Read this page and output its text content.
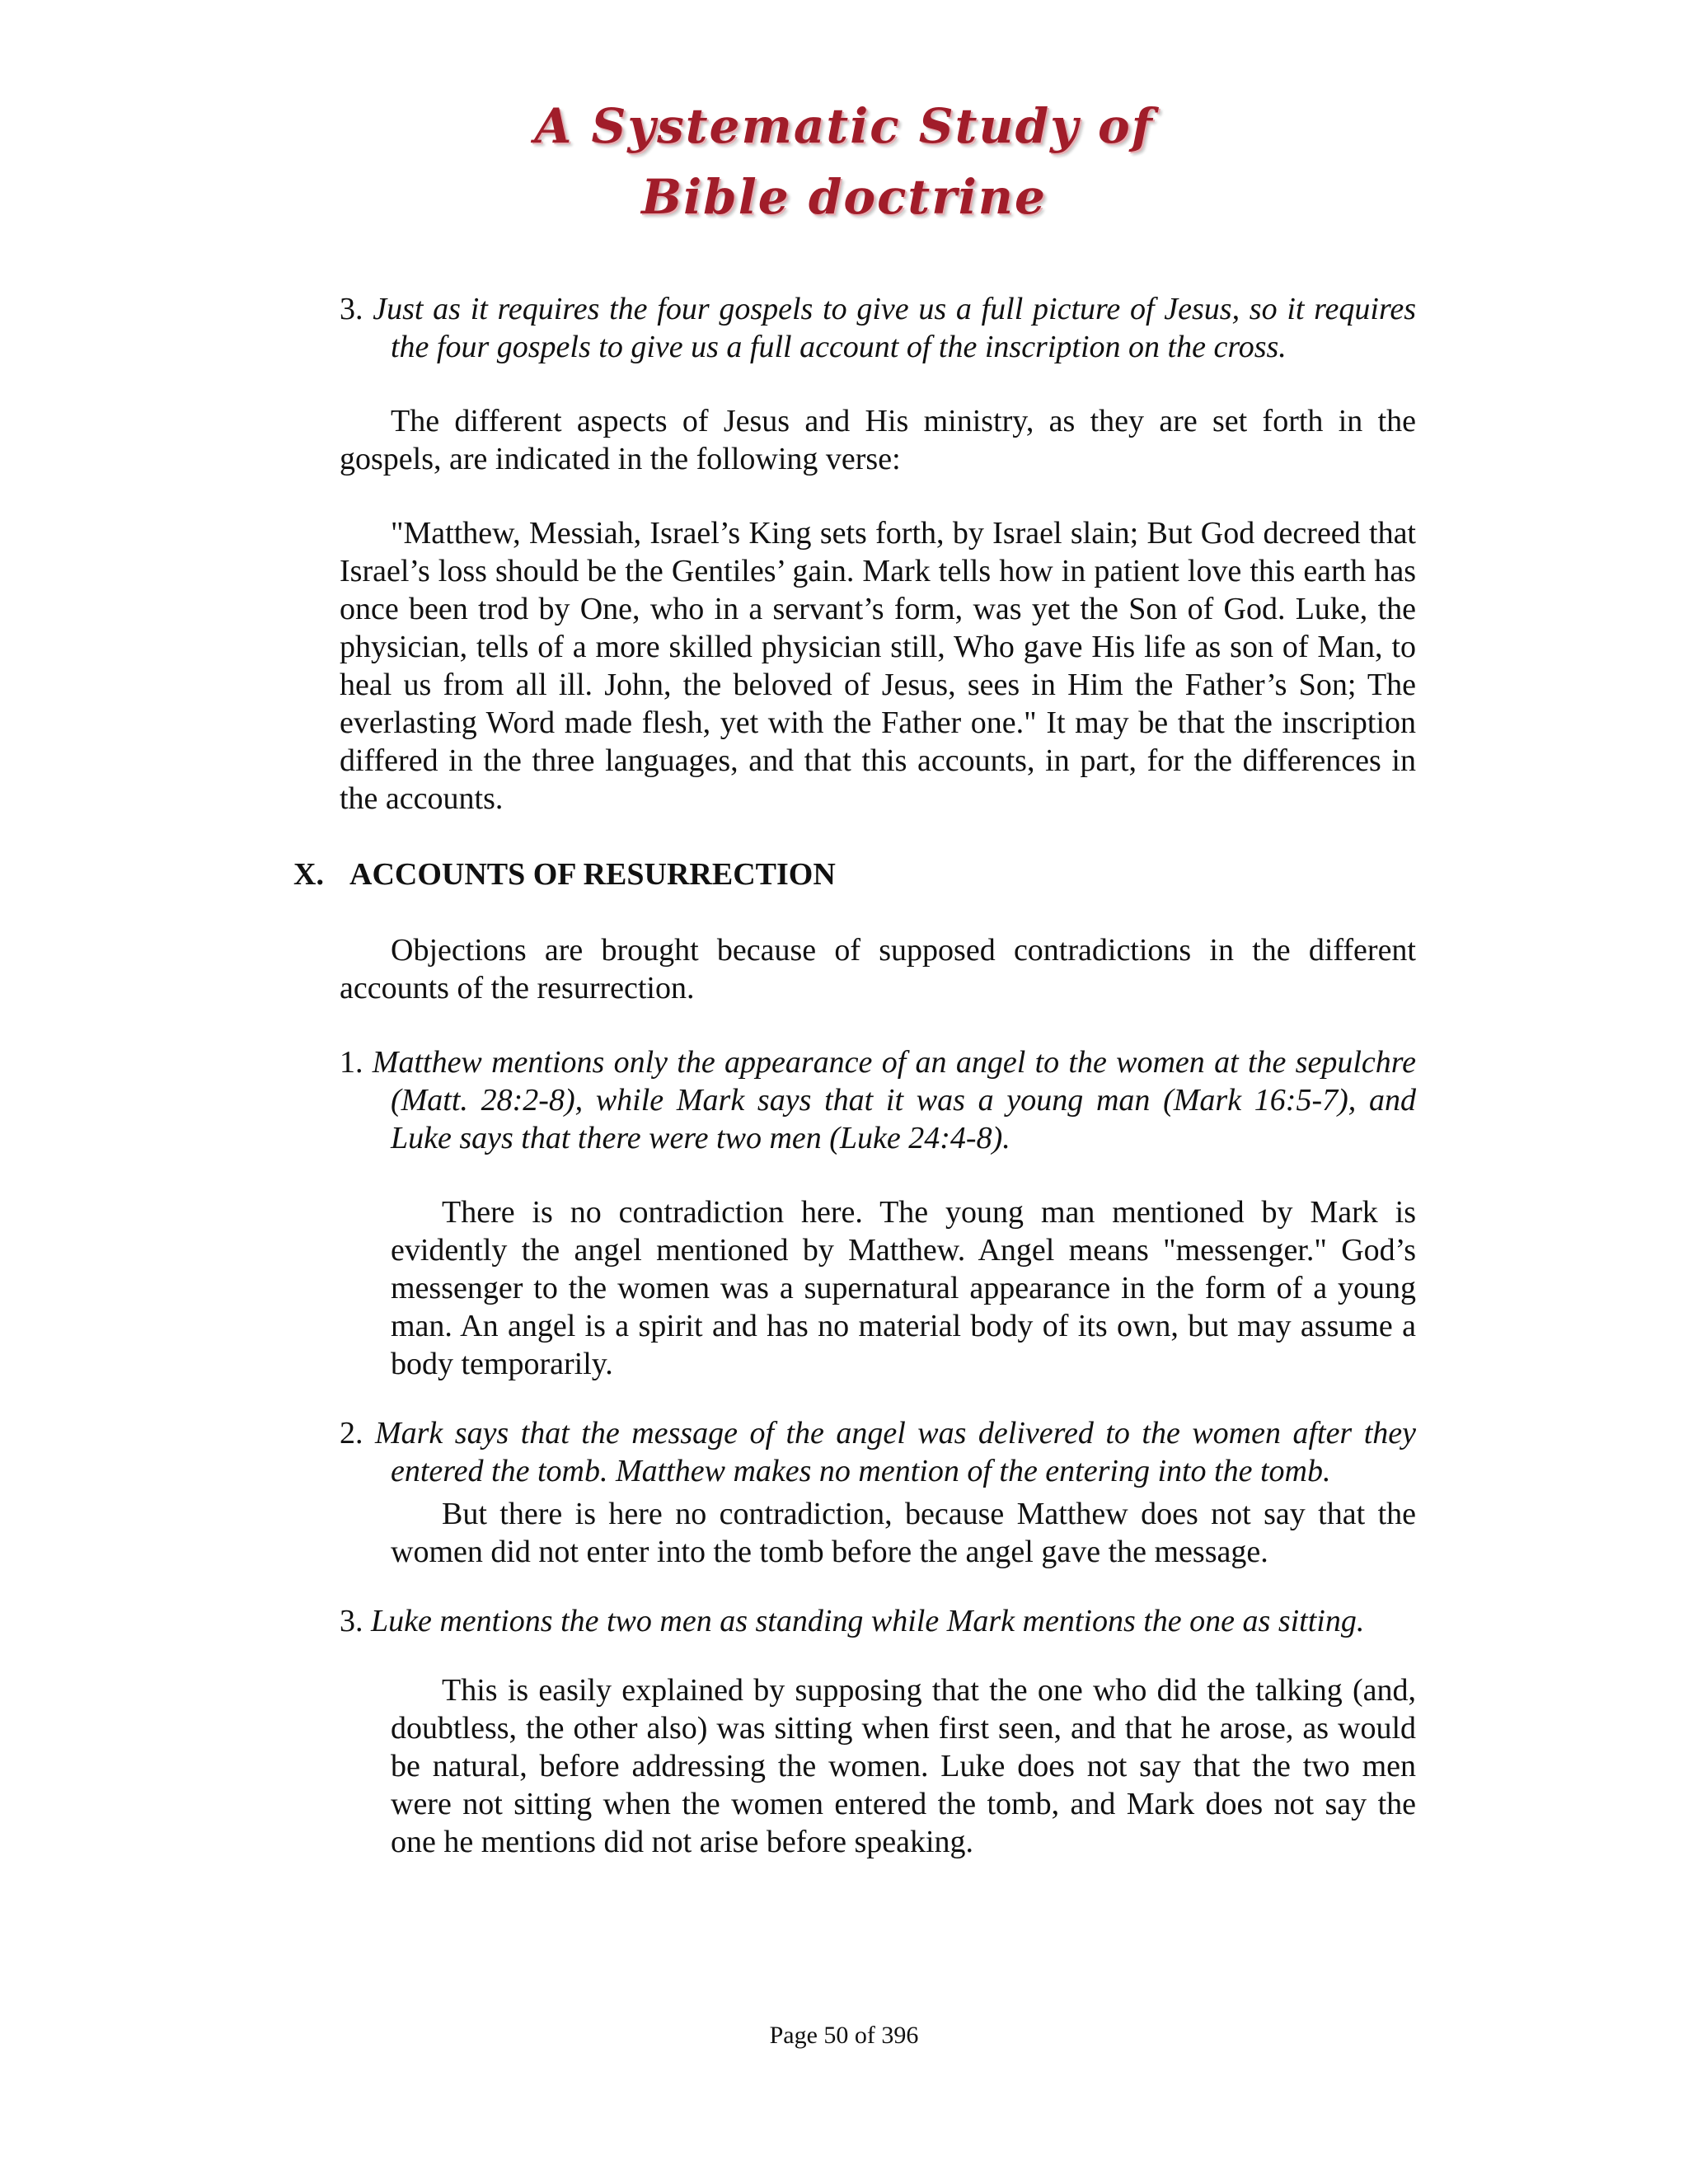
A Systematic Study of
Bible doctrine

3. Just as it requires the four gospels to give us a full picture of Jesus, so it requires the four gospels to give us a full account of the inscription on the cross.

The different aspects of Jesus and His ministry, as they are set forth in the gospels, are indicated in the following verse:

"Matthew, Messiah, Israel’s King sets forth, by Israel slain; But God decreed that Israel’s loss should be the Gentiles’ gain. Mark tells how in patient love this earth has once been trod by One, who in a servant’s form, was yet the Son of God. Luke, the physician, tells of a more skilled physician still, Who gave His life as son of Man, to heal us from all ill. John, the beloved of Jesus, sees in Him the Father’s Son; The everlasting Word made flesh, yet with the Father one." It may be that the inscription differed in the three languages, and that this accounts, in part, for the differences in the accounts.

X. ACCOUNTS OF RESURRECTION

Objections are brought because of supposed contradictions in the different accounts of the resurrection.

1. Matthew mentions only the appearance of an angel to the women at the sepulchre (Matt. 28:2-8), while Mark says that it was a young man (Mark 16:5-7), and Luke says that there were two men (Luke 24:4-8).

There is no contradiction here. The young man mentioned by Mark is evidently the angel mentioned by Matthew. Angel means "messenger." God’s messenger to the women was a supernatural appearance in the form of a young man. An angel is a spirit and has no material body of its own, but may assume a body temporarily.

2. Mark says that the message of the angel was delivered to the women after they entered the tomb. Matthew makes no mention of the entering into the tomb.

But there is here no contradiction, because Matthew does not say that the women did not enter into the tomb before the angel gave the message.

3. Luke mentions the two men as standing while Mark mentions the one as sitting.

This is easily explained by supposing that the one who did the talking (and, doubtless, the other also) was sitting when first seen, and that he arose, as would be natural, before addressing the women. Luke does not say that the two men were not sitting when the women entered the tomb, and Mark does not say the one he mentions did not arise before speaking.

Page 50 of 396
